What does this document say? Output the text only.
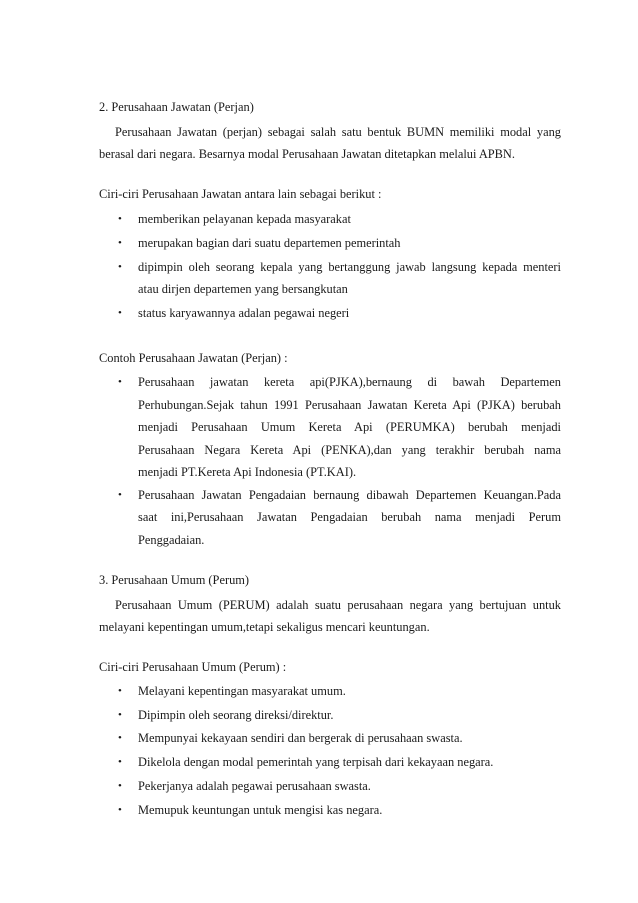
2. Perusahaan Jawatan (Perjan)
Perusahaan Jawatan (perjan) sebagai salah satu bentuk BUMN memiliki modal yang
berasal dari negara. Besarnya modal Perusahaan Jawatan ditetapkan melalui APBN.
Ciri-ciri Perusahaan Jawatan antara lain sebagai berikut :
•	memberikan pelayanan kepada masyarakat
•	merupakan bagian dari suatu departemen pemerintah
•	dipimpin oleh seorang kepala yang bertanggung jawab langsung kepada menteri
atau dirjen departemen yang bersangkutan
•	status karyawannya adalan pegawai negeri
Contoh Perusahaan Jawatan (Perjan) :
•	Perusahaan jawatan kereta api(PJKA),bernaung di bawah Departemen
Perhubungan.Sejak tahun 1991 Perusahaan Jawatan Kereta Api (PJKA) berubah
menjadi Perusahaan Umum Kereta Api (PERUMKA) berubah menjadi
Perusahaan Negara Kereta Api (PENKA),dan yang terakhir berubah nama
menjadi PT.Kereta Api Indonesia (PT.KAI).
•	Perusahaan Jawatan Pengadaian bernaung dibawah Departemen Keuangan.Pada
saat ini,Perusahaan Jawatan Pengadaian berubah nama menjadi Perum
Penggadaian.
3. Perusahaan Umum (Perum)
Perusahaan Umum (PERUM) adalah suatu perusahaan negara yang bertujuan untuk
melayani kepentingan umum,tetapi sekaligus mencari keuntungan.
Ciri-ciri Perusahaan Umum (Perum) :
•	Melayani kepentingan masyarakat umum.
•	Dipimpin oleh seorang direksi/direktur.
•	Mempunyai kekayaan sendiri dan bergerak di perusahaan swasta.
•	Dikelola dengan modal pemerintah yang terpisah dari kekayaan negara.
•	Pekerjanya adalah pegawai perusahaan swasta.
•	Memupuk keuntungan untuk mengisi kas negara.
